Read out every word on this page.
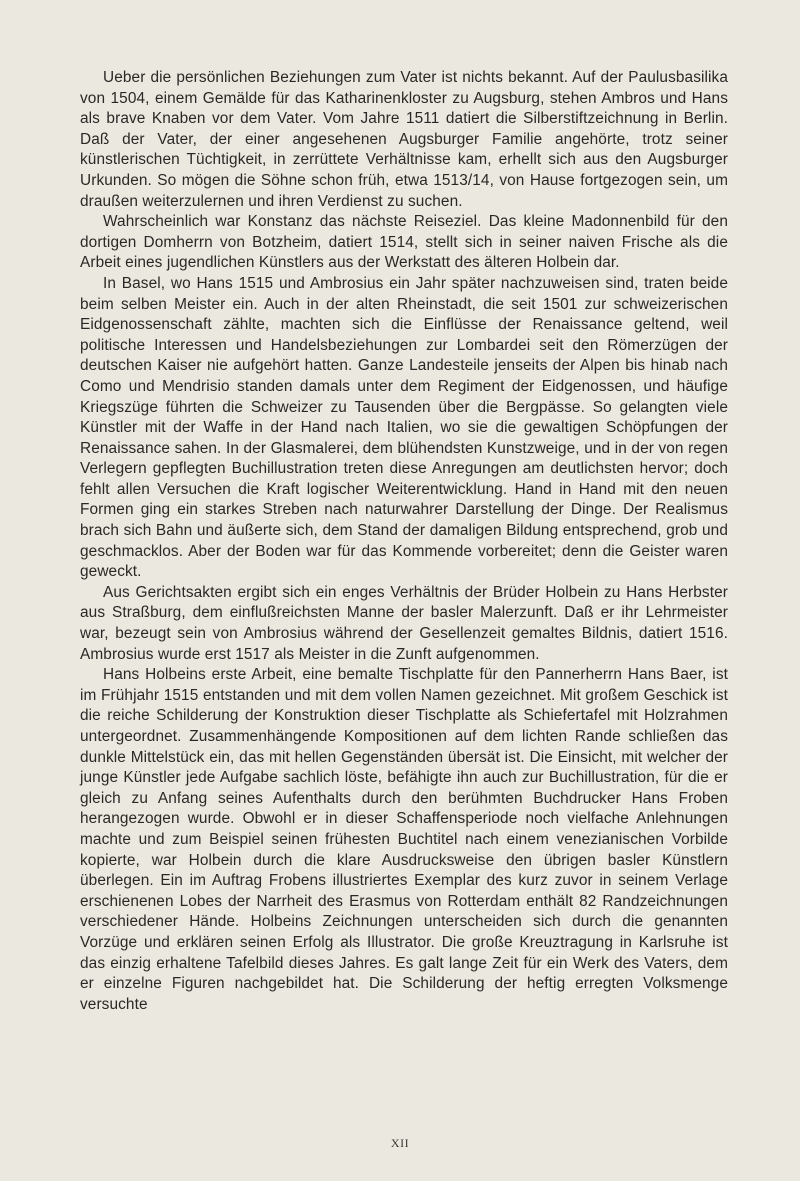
Ueber die persönlichen Beziehungen zum Vater ist nichts bekannt. Auf der Paulusbasilika von 1504, einem Gemälde für das Katharinenkloster zu Augsburg, stehen Ambros und Hans als brave Knaben vor dem Vater. Vom Jahre 1511 datiert die Silberstiftzeichnung in Berlin. Daß der Vater, der einer angesehenen Augsburger Familie angehörte, trotz seiner künstlerischen Tüchtigkeit, in zerrüttete Verhältnisse kam, erhellt sich aus den Augsburger Urkunden. So mögen die Söhne schon früh, etwa 1513/14, von Hause fortgezogen sein, um draußen weiterzulernen und ihren Verdienst zu suchen.

Wahrscheinlich war Konstanz das nächste Reiseziel. Das kleine Madonnenbild für den dortigen Domherrn von Botzheim, datiert 1514, stellt sich in seiner naiven Frische als die Arbeit eines jugendlichen Künstlers aus der Werkstatt des älteren Holbein dar.

In Basel, wo Hans 1515 und Ambrosius ein Jahr später nachzuweisen sind, traten beide beim selben Meister ein. Auch in der alten Rheinstadt, die seit 1501 zur schweizerischen Eidgenossenschaft zählte, machten sich die Einflüsse der Renaissance geltend, weil politische Interessen und Handelsbeziehungen zur Lombardei seit den Römerzügen der deutschen Kaiser nie aufgehört hatten. Ganze Landesteile jenseits der Alpen bis hinab nach Como und Mendrisio standen damals unter dem Regiment der Eidgenossen, und häufige Kriegszüge führten die Schweizer zu Tausenden über die Bergpässe. So gelangten viele Künstler mit der Waffe in der Hand nach Italien, wo sie die gewaltigen Schöpfungen der Renaissance sahen. In der Glasmalerei, dem blühendsten Kunstzweige, und in der von regen Verlegern gepflegten Buchillustration treten diese Anregungen am deutlichsten hervor; doch fehlt allen Versuchen die Kraft logischer Weiterentwicklung. Hand in Hand mit den neuen Formen ging ein starkes Streben nach naturwahrer Darstellung der Dinge. Der Realismus brach sich Bahn und äußerte sich, dem Stand der damaligen Bildung entsprechend, grob und geschmacklos. Aber der Boden war für das Kommende vorbereitet; denn die Geister waren geweckt.

Aus Gerichtsakten ergibt sich ein enges Verhältnis der Brüder Holbein zu Hans Herbster aus Straßburg, dem einflußreichsten Manne der basler Malerzunft. Daß er ihr Lehrmeister war, bezeugt sein von Ambrosius während der Gesellenzeit gemaltes Bildnis, datiert 1516. Ambrosius wurde erst 1517 als Meister in die Zunft aufgenommen.

Hans Holbeins erste Arbeit, eine bemalte Tischplatte für den Pannerherrn Hans Baer, ist im Frühjahr 1515 entstanden und mit dem vollen Namen gezeichnet. Mit großem Geschick ist die reiche Schilderung der Konstruktion dieser Tischplatte als Schiefertafel mit Holzrahmen untergeordnet. Zusammenhängende Kompositionen auf dem lichten Rande schließen das dunkle Mittelstück ein, das mit hellen Gegenständen übersät ist. Die Einsicht, mit welcher der junge Künstler jede Aufgabe sachlich löste, befähigte ihn auch zur Buchillustration, für die er gleich zu Anfang seines Aufenthalts durch den berühmten Buchdrucker Hans Froben herangezogen wurde. Obwohl er in dieser Schaffensperiode noch vielfache Anlehnungen machte und zum Beispiel seinen frühesten Buchtitel nach einem venezianischen Vorbilde kopierte, war Holbein durch die klare Ausdrucksweise den übrigen basler Künstlern überlegen. Ein im Auftrag Frobens illustriertes Exemplar des kurz zuvor in seinem Verlage erschienenen Lobes der Narrheit des Erasmus von Rotterdam enthält 82 Randzeichnungen verschiedener Hände. Holbeins Zeichnungen unterscheiden sich durch die genannten Vorzüge und erklären seinen Erfolg als Illustrator. Die große Kreuztragung in Karlsruhe ist das einzig erhaltene Tafelbild dieses Jahres. Es galt lange Zeit für ein Werk des Vaters, dem er einzelne Figuren nachgebildet hat. Die Schilderung der heftig erregten Volksmenge versuchte

XII
